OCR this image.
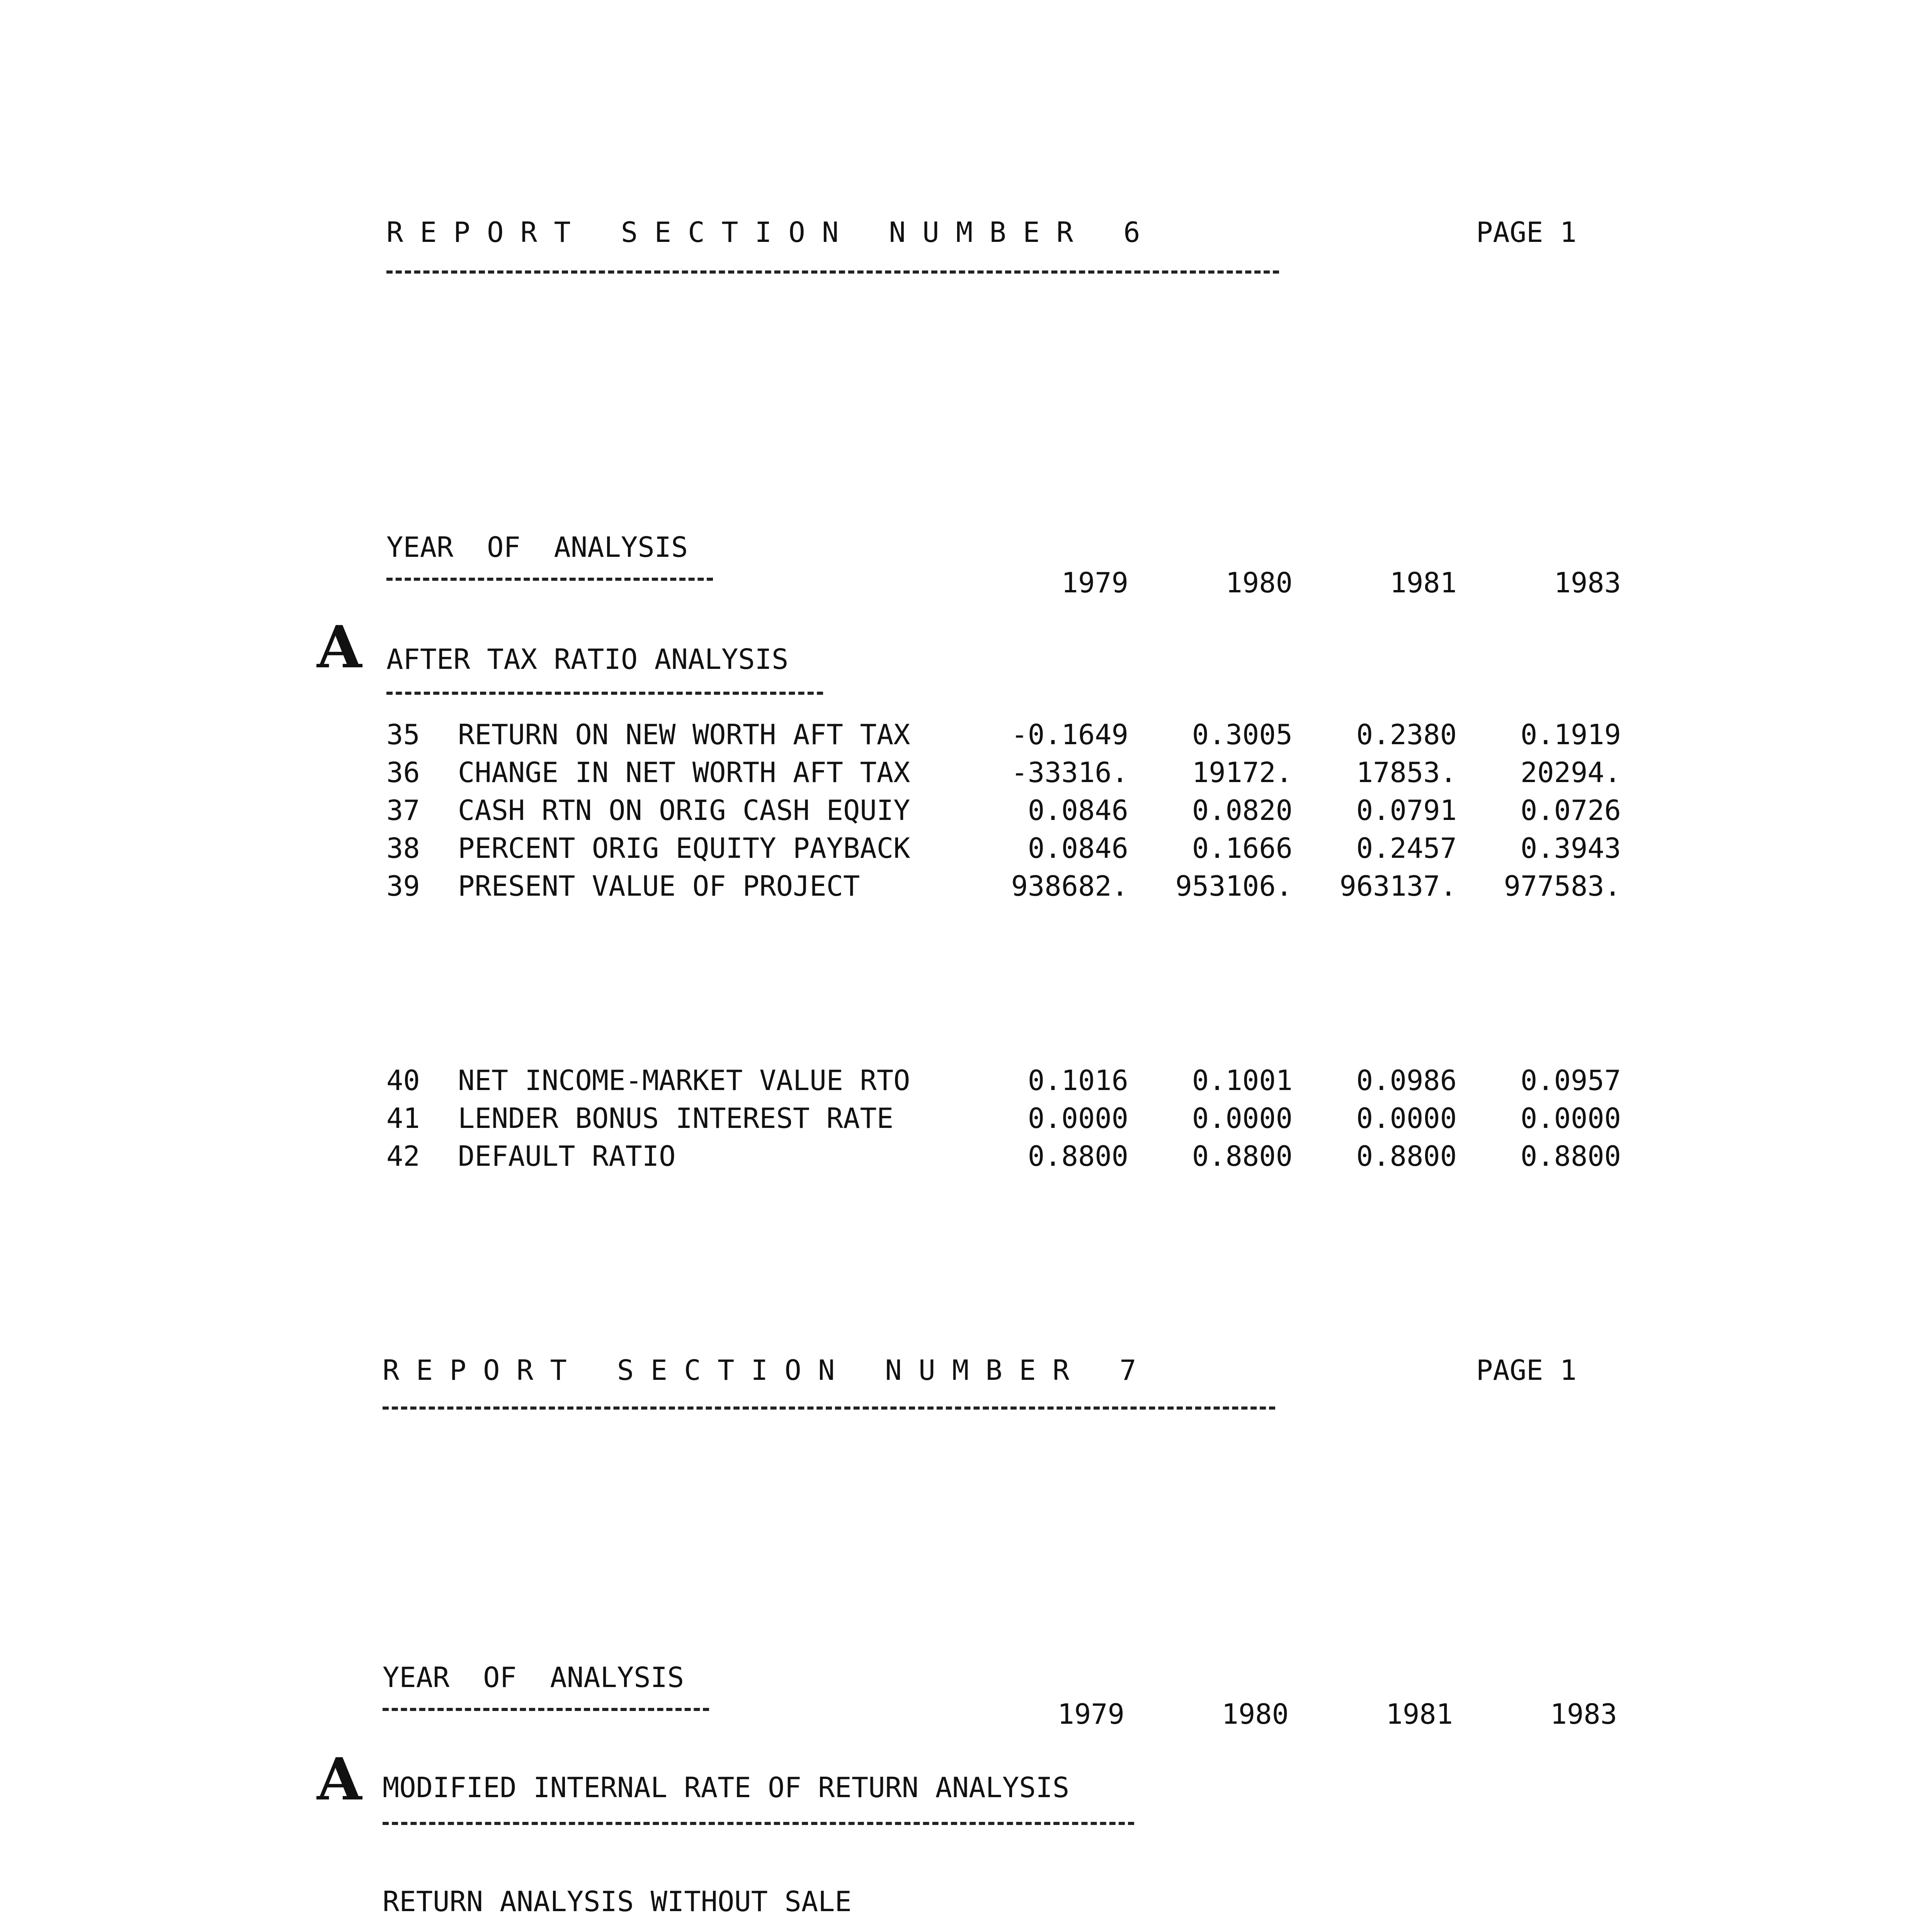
R E P O R T   S E C T I O N   N U M B E R   6	PAGE 1
YEAR  OF  ANALYSIS
1979	1980	1981	1983
A AFTER TAX RATIO ANALYSIS
35 RETURN ON NEW WORTH AFT TAX	-0.1649	0.3005	0.2380	0.1919
36 CHANGE IN NET WORTH AFT TAX	-33316.	19172.	17853.	20294.
37 CASH RTN ON ORIG CASH EQUIY	0.0846	0.0820	0.0791	0.0726
38 PERCENT ORIG EQUITY PAYBACK	0.0846	0.1666	0.2457	0.3943
39 PRESENT VALUE OF PROJECT	938682.	953106.	963137.	977583.
40 NET INCOME-MARKET VALUE RTO	0.1016	0.1001	0.0986	0.0957
41 LENDER BONUS INTEREST RATE	0.0000	0.0000	0.0000	0.0000
42 DEFAULT RATIO	0.8800	0.8800	0.8800	0.8800
R E P O R T   S E C T I O N   N U M B E R   7	PAGE 1
YEAR  OF  ANALYSIS
1979	1980	1981	1983
A MODIFIED INTERNAL RATE OF RETURN ANALYSIS
RETURN ANALYSIS WITHOUT SALE
